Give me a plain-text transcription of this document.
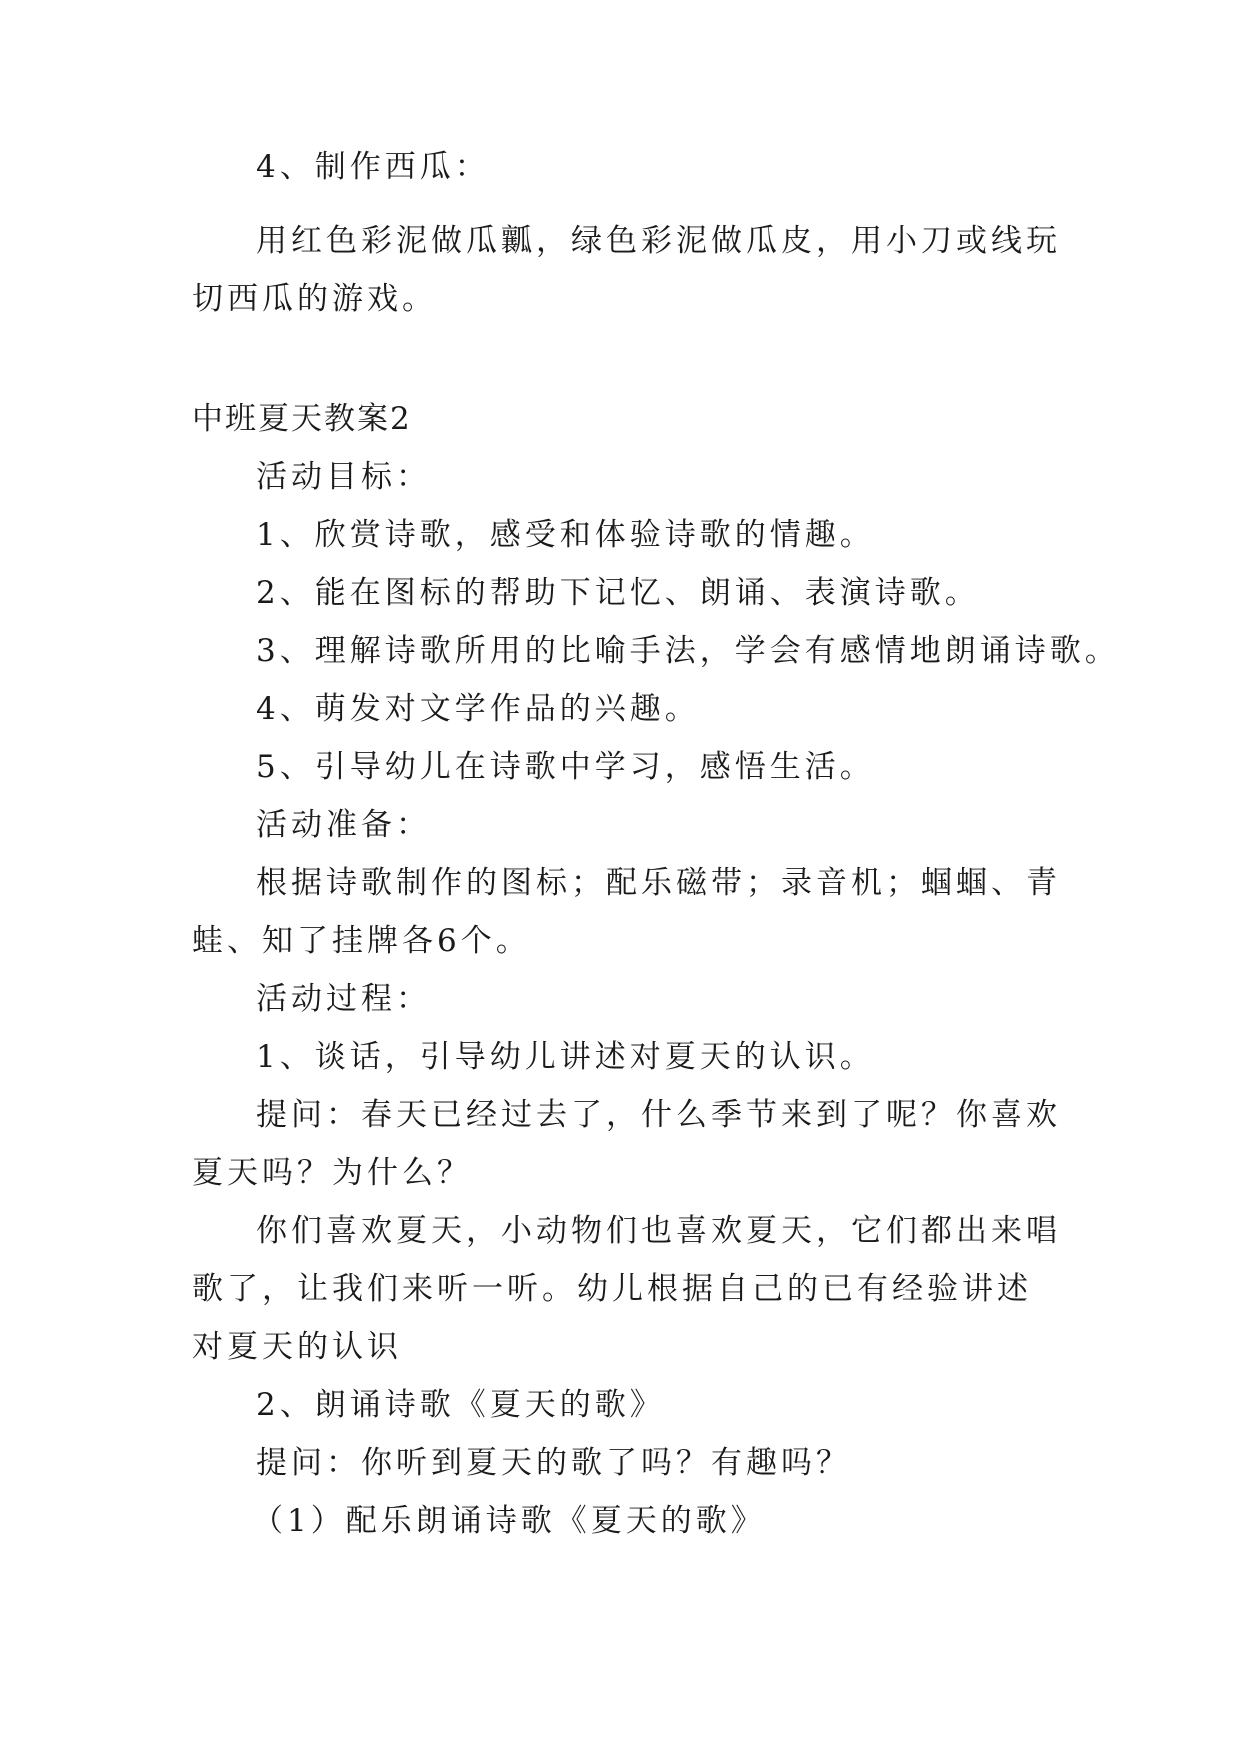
4、制作西瓜：
用红色彩泥做瓜瓤，绿色彩泥做瓜皮，用小刀或线玩切西瓜的游戏。
中班夏天教案2
活动目标：
1、欣赏诗歌，感受和体验诗歌的情趣。
2、能在图标的帮助下记忆、朗诵、表演诗歌。
3、理解诗歌所用的比喻手法，学会有感情地朗诵诗歌。
4、萌发对文学作品的兴趣。
5、引导幼儿在诗歌中学习，感悟生活。
活动准备：
根据诗歌制作的图标；配乐磁带；录音机；蝈蝈、青蛙、知了挂牌各6个。
活动过程：
1、谈话，引导幼儿讲述对夏天的认识。
提问：春天已经过去了，什么季节来到了呢？你喜欢夏天吗？为什么？
你们喜欢夏天，小动物们也喜欢夏天，它们都出来唱歌了，让我们来听一听。幼儿根据自己的已有经验讲述对夏天的认识
2、朗诵诗歌《夏天的歌》
提问：你听到夏天的歌了吗？有趣吗？
（1）配乐朗诵诗歌《夏天的歌》
